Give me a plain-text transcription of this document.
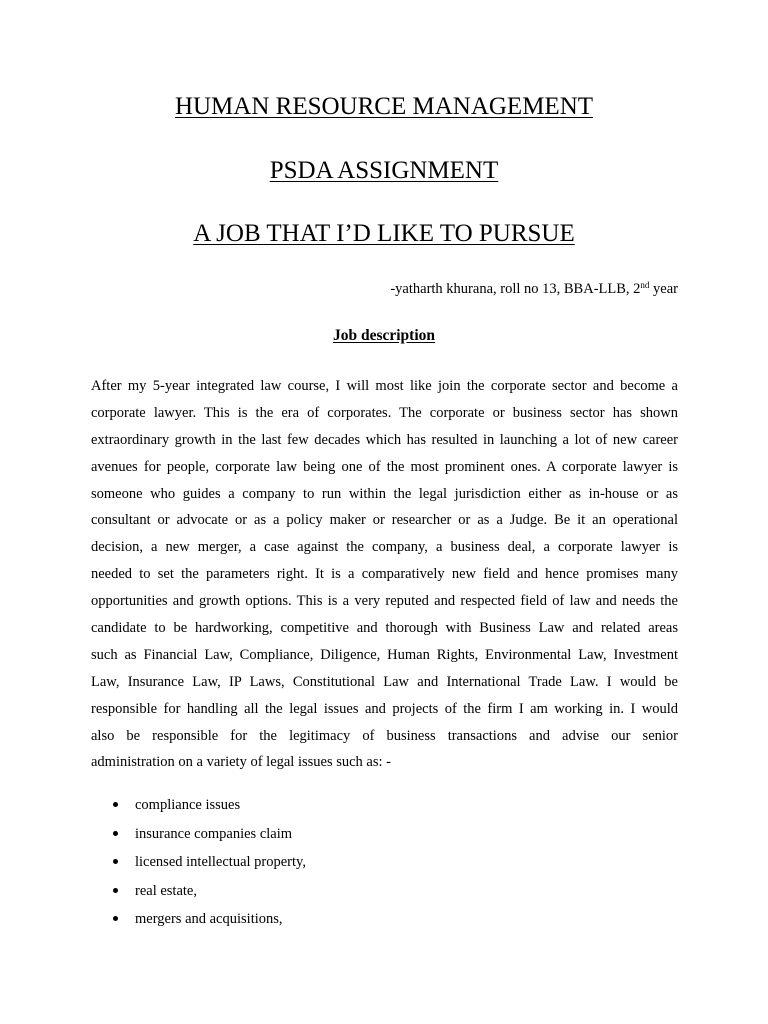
HUMAN RESOURCE MANAGEMENT
PSDA ASSIGNMENT
A JOB THAT I’D LIKE TO PURSUE
-yatharth khurana, roll no 13, BBA-LLB, 2nd year
Job description
After my 5-year integrated law course, I will most like join the corporate sector and become a
corporate lawyer. This is the era of corporates. The corporate or business sector has shown
extraordinary growth in the last few decades which has resulted in launching a lot of new career
avenues for people, corporate law being one of the most prominent ones. A corporate lawyer is
someone who guides a company to run within the legal jurisdiction either as in-house or as
consultant or advocate or as a policy maker or researcher or as a Judge. Be it an operational
decision, a new merger, a case against the company, a business deal, a corporate lawyer is
needed to set the parameters right. It is a comparatively new field and hence promises many
opportunities and growth options. This is a very reputed and respected field of law and needs the
candidate to be hardworking, competitive and thorough with Business Law and related areas
such as Financial Law, Compliance, Diligence, Human Rights, Environmental Law, Investment
Law, Insurance Law, IP Laws, Constitutional Law and International Trade Law. I would be
responsible for handling all the legal issues and projects of the firm I am working in. I would
also be responsible for the legitimacy of business transactions and advise our senior
administration on a variety of legal issues such as: -
compliance issues
insurance companies claim
licensed intellectual property,
real estate,
mergers and acquisitions,
